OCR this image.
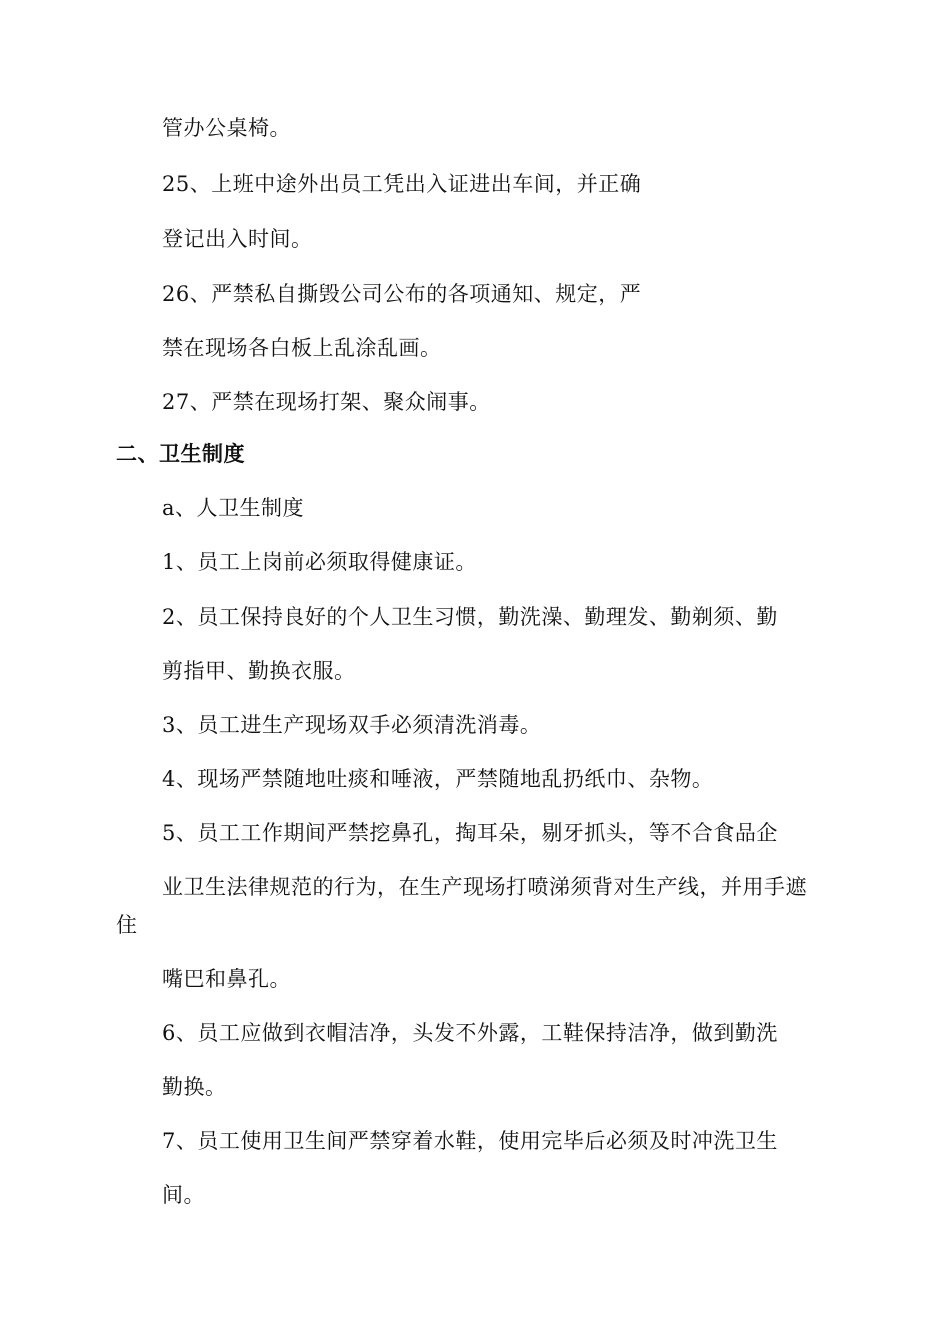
管办公桌椅。
25、上班中途外出员工凭出入证进出车间，并正确
登记出入时间。
26、严禁私自撕毁公司公布的各项通知、规定，严
禁在现场各白板上乱涂乱画。
27、严禁在现场打架、聚众闹事。
二、卫生制度
a、人卫生制度
1、员工上岗前必须取得健康证。
2、员工保持良好的个人卫生习惯，勤洗澡、勤理发、勤剃须、勤
剪指甲、勤换衣服。
3、员工进生产现场双手必须清洗消毒。
4、现场严禁随地吐痰和唾液，严禁随地乱扔纸巾、杂物。
5、员工工作期间严禁挖鼻孔，掏耳朵，剔牙抓头，等不合食品企
业卫生法律规范的行为，在生产现场打喷涕须背对生产线，并用手遮
住
嘴巴和鼻孔。
6、员工应做到衣帽洁净，头发不外露，工鞋保持洁净，做到勤洗
勤换。
7、员工使用卫生间严禁穿着水鞋，使用完毕后必须及时冲洗卫生
间。
